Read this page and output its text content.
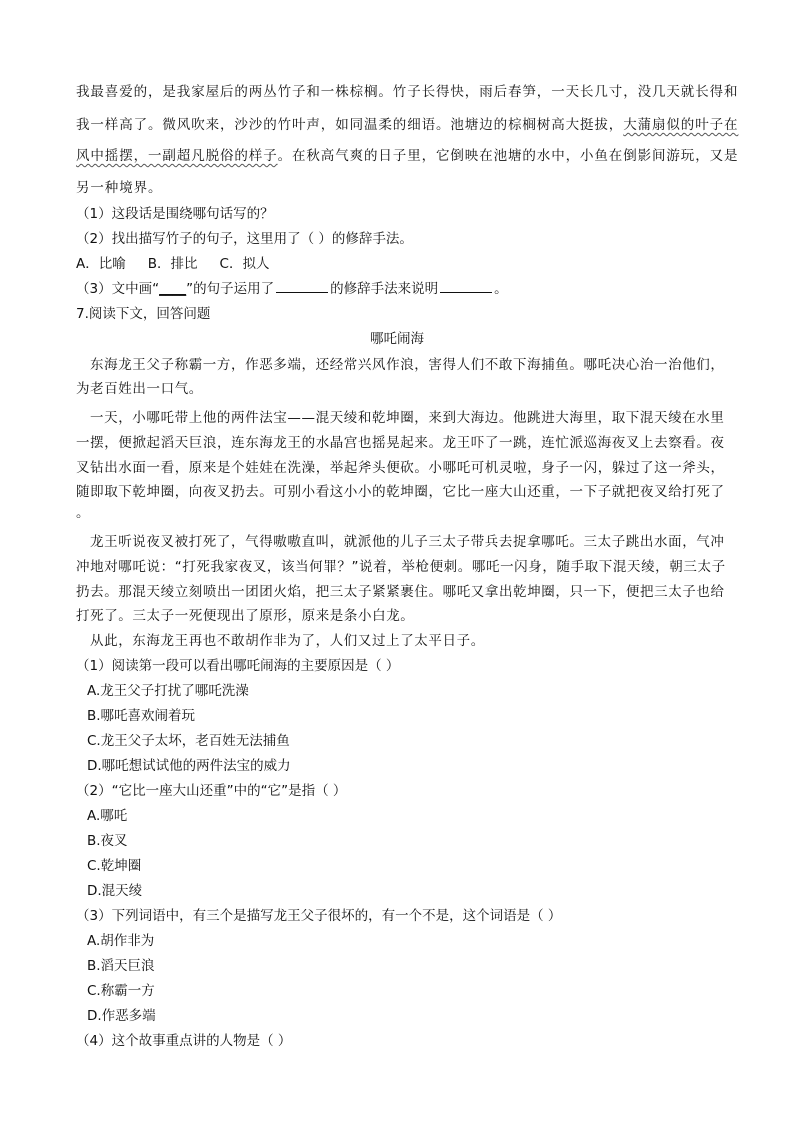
我最喜爱的，是我家屋后的两丛竹子和一株棕榈。竹子长得快，雨后春笋，一天长几寸，没几天就长得和
我一样高了。微风吹来，沙沙的竹叶声，如同温柔的细语。池塘边的棕榈树高大挺拔，大蒲扇似的叶子在
风中摇摆，一副超凡脱俗的样子。在秋高气爽的日子里，它倒映在池塘的水中，小鱼在倒影间游玩，又是
另一种境界。
（1）这段话是围绕哪句话写的？
（2）找出描写竹子的句子，这里用了（ ）的修辞手法。
A．比喻 B．排比 C．拟人
（3）文中画“____”的句子运用了	的修辞手法来说明	。
7.阅读下文，回答问题
哪吒闹海
东海龙王父子称霸一方，作恶多端，还经常兴风作浪，害得人们不敢下海捕鱼。哪吒决心治一治他们，
为老百姓出一口气。
一天，小哪吒带上他的两件法宝——混天绫和乾坤圈，来到大海边。他跳进大海里，取下混天绫在水里
一摆，便掀起滔天巨浪，连东海龙王的水晶宫也摇晃起来。龙王吓了一跳，连忙派巡海夜叉上去察看。夜
叉钻出水面一看，原来是个娃娃在洗澡，举起斧头便砍。小哪吒可机灵啦，身子一闪，躲过了这一斧头，
随即取下乾坤圈，向夜叉扔去。可别小看这小小的乾坤圈，它比一座大山还重，一下子就把夜叉给打死了
。
龙王听说夜叉被打死了，气得嗷嗷直叫，就派他的儿子三太子带兵去捉拿哪吒。三太子跳出水面，气冲
冲地对哪吒说：“打死我家夜叉，该当何罪？”说着，举枪便刺。哪吒一闪身，随手取下混天绫，朝三太子
扔去。那混天绫立刻喷出一团团火焰，把三太子紧紧裹住。哪吒又拿出乾坤圈，只一下，便把三太子也给
打死了。三太子一死便现出了原形，原来是条小白龙。
从此，东海龙王再也不敢胡作非为了，人们又过上了太平日子。
（1）阅读第一段可以看出哪吒闹海的主要原因是（ ）
A.龙王父子打扰了哪吒洗澡
B.哪吒喜欢闹着玩
C.龙王父子太坏，老百姓无法捕鱼
D.哪吒想试试他的两件法宝的威力
（2）“它比一座大山还重”中的“它”是指（ ）
A.哪吒
B.夜叉
C.乾坤圈
D.混天绫
（3）下列词语中，有三个是描写龙王父子很坏的，有一个不是，这个词语是（ ）
A.胡作非为
B.滔天巨浪
C.称霸一方
D.作恶多端
（4）这个故事重点讲的人物是（ ）
